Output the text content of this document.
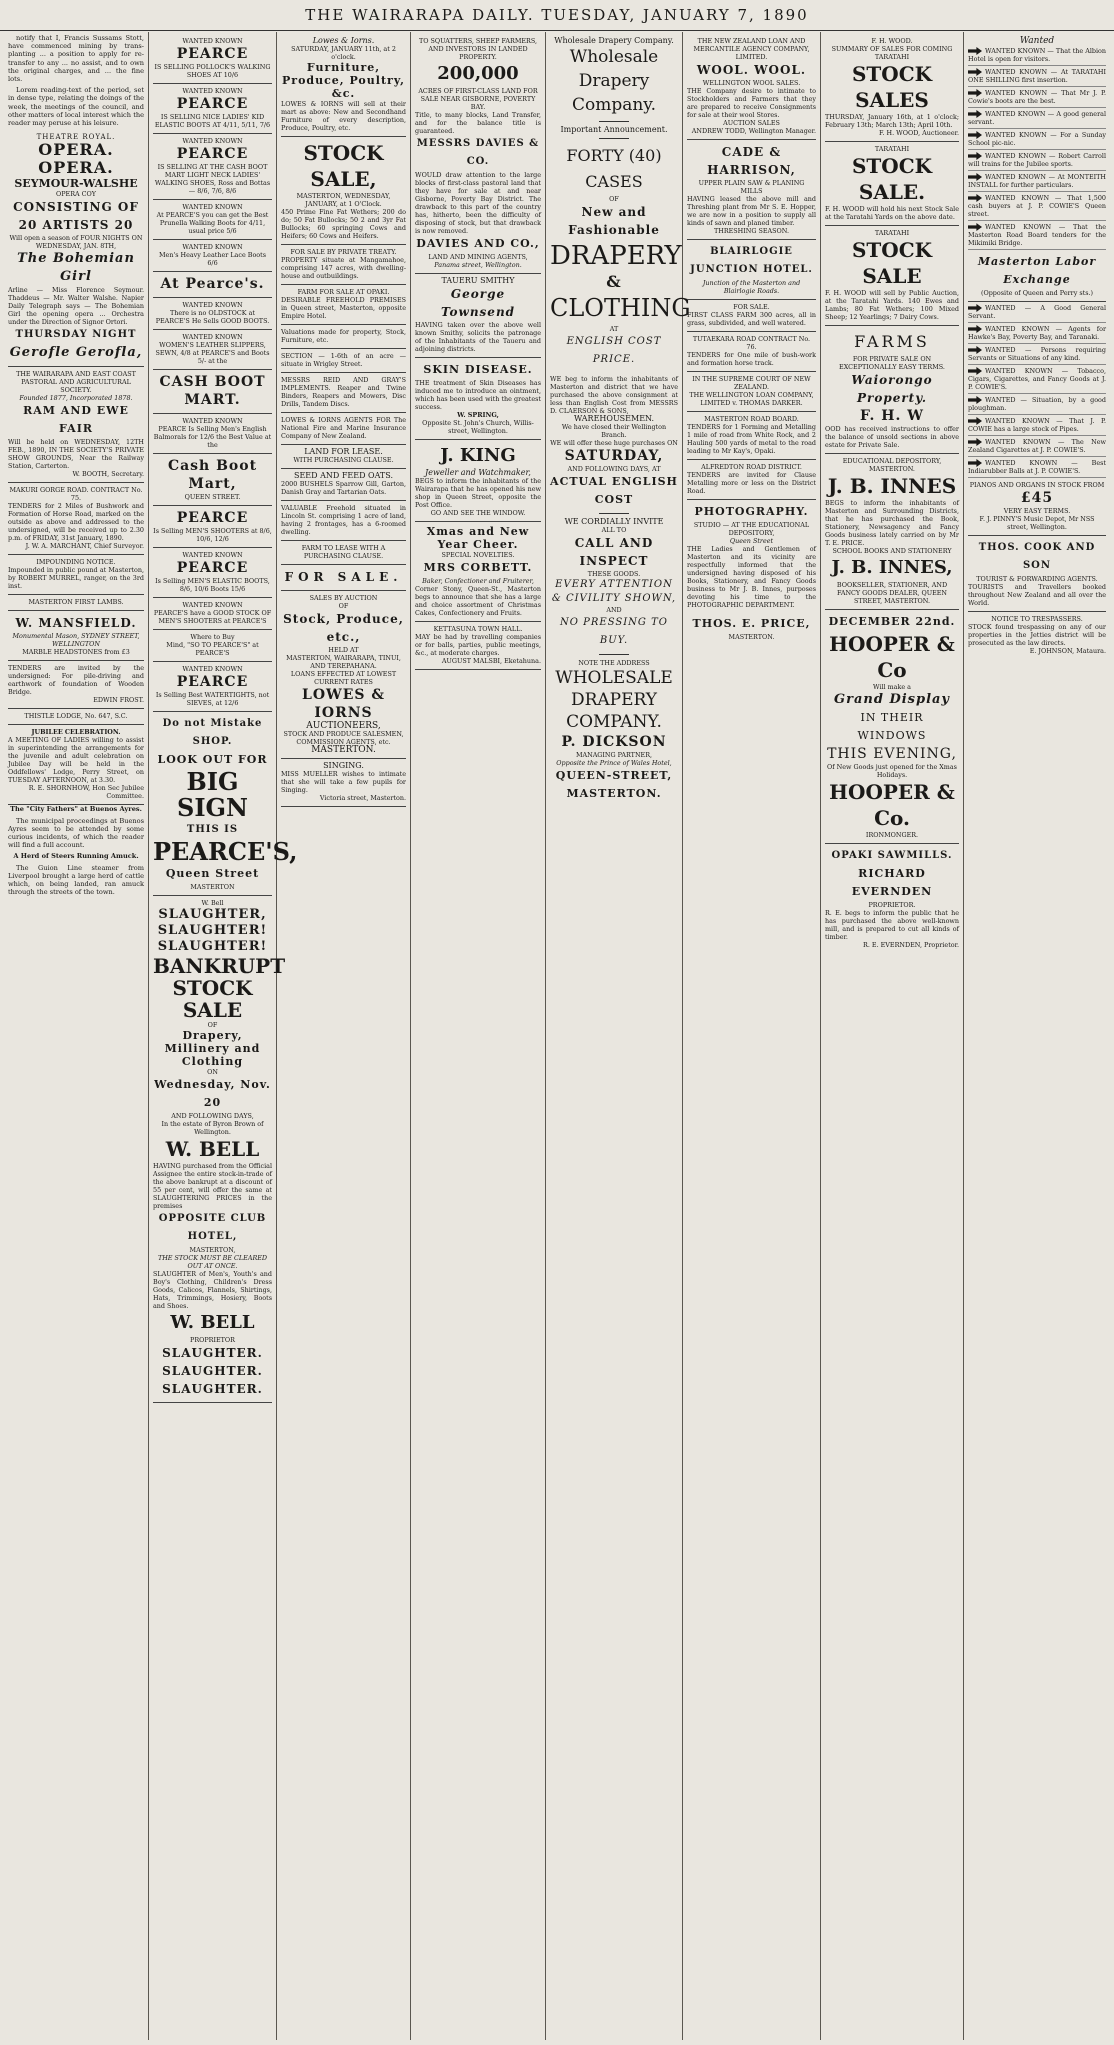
THE WAIRARAPA DAILY. TUESDAY, JANUARY 7, 1890

notify that I, Francis Sussams Stott, have commenced mining by trans-planting ... a position to apply for re-transfer to any ... no assist, and to own the original charges, and ... the fine lots.

Lorem reading-text of the period, set in dense type, relating the doings of the week, the meetings of the council, and other matters of local interest which the reader may peruse at his leisure.

THEATRE ROYAL.
OPERA. OPERA.
SEYMOUR-WALSHE
OPERA COY
CONSISTING OF 20 ARTISTS 20
Will open a season of FOUR NIGHTS ON WEDNESDAY, JAN. 8TH,
The Bohemian Girl
Arline — Miss Florence Seymour. Thaddeus — Mr. Walter Walshe. Napier Daily Telegraph says — The Bohemian Girl the opening opera ... Orchestra under the Direction of Signor Ortori.
THURSDAY NIGHT
Gerofle Gerofla,
THE WAIRARAPA AND EAST COAST PASTORAL AND AGRICULTURAL SOCIETY.
Founded 1877, Incorporated 1878.
RAM AND EWE FAIR
Will be held on WEDNESDAY, 12TH FEB., 1890, IN THE SOCIETY'S PRIVATE SHOW GROUNDS, Near the Railway Station, Carterton.
W. BOOTH, Secretary.
MAKURI GORGE ROAD. CONTRACT No. 75.
TENDERS for 2 Miles of Bushwork and Formation of Horse Road, marked on the outside as above and addressed to the undersigned, will be received up to 2.30 p.m. of FRIDAY, 31st January, 1890.
J. W. A. MARCHANT, Chief Surveyor.
IMPOUNDING NOTICE.
Impounded in public pound at Masterton, by ROBERT MURREL, ranger, on the 3rd inst.
MASTERTON FIRST LAMBS.
W. MANSFIELD.
Monumental Mason, SYDNEY STREET, WELLINGTON
MARBLE HEADSTONES from £3
TENDERS are invited by the undersigned: For pile-driving and earthwork of foundation of Wooden Bridge.
EDWIN FROST.
THISTLE LODGE, No. 647, S.C.
JUBILEE CELEBRATION.
A MEETING OF LADIES willing to assist in superintending the arrangements for the juvenile and adult celebration on Jubilee Day will be held in the Oddfellows' Lodge, Perry Street, on TUESDAY AFTERNOON, at 3.30.
R. E. SHORNHOW, Hon Sec Jubilee Committee.

The "City Fathers" at Buenos Ayres.

The municipal proceedings at Buenos Ayres seem to be attended by some curious incidents, of which the reader will find a full account.

A Herd of Steers Running Amuck.

The Guion Line steamer from Liverpool brought a large herd of cattle which, on being landed, ran amuck through the streets of the town.

WANTED KNOWN
PEARCE
IS SELLING POLLOCK'S WALKING SHOES AT 10/6
WANTED KNOWN
PEARCE
IS SELLING NICE LADIES' KID ELASTIC BOOTS AT 4/11, 5/11, 7/6
WANTED KNOWN
PEARCE
IS SELLING AT THE CASH BOOT MART LIGHT NECK LADIES' WALKING SHOES, Ross and Bottas — 8/6, 7/6, 8/6
WANTED KNOWN
At PEARCE'S you can get the Best Prunella Walking Boots for 4/11, usual price 5/6
WANTED KNOWN
Men's Heavy Leather Lace Boots 6/6
At Pearce's.
WANTED KNOWN
There is no OLDSTOCK at PEARCE'S He Sells GOOD BOOTS.
WANTED KNOWN
WOMEN'S LEATHER SLIPPERS, SEWN, 4/8 at PEARCE'S and Boots 5/- at the
CASH BOOT MART.
WANTED KNOWN
PEARCE Is Selling Men's English Balmorals for 12/6 the Best Value at the
Cash Boot Mart,
QUEEN STREET.
PEARCE
Is Selling MEN'S SHOOTERS at 8/6, 10/6, 12/6
WANTED KNOWN
PEARCE
Is Selling MEN'S ELASTIC BOOTS, 8/6, 10/6 Boots 15/6
WANTED KNOWN
PEARCE'S have a GOOD STOCK OF MEN'S SHOOTERS at PEARCE'S
Where to Buy
Mind, "SO TO PEARCE'S" at PEARCE'S
WANTED KNOWN
PEARCE
Is Selling Best WATERTIGHTS, not SIEVES, at 12/6
Do not Mistake SHOP.
LOOK OUT FOR
BIG SIGN
THIS IS
PEARCE'S,
Queen Street
MASTERTON
W. Bell
SLAUGHTER, SLAUGHTER! SLAUGHTER!
BANKRUPT STOCK SALE
OF
Drapery, Millinery and Clothing
ON
Wednesday, Nov. 20
AND FOLLOWING DAYS,
In the estate of Byron Brown of Wellington.
W. BELL
HAVING purchased from the Official Assignee the entire stock-in-trade of the above bankrupt at a discount of 55 per cent, will offer the same at SLAUGHTERING PRICES in the premises
OPPOSITE CLUB HOTEL,
MASTERTON,
THE STOCK MUST BE CLEARED OUT AT ONCE.
SLAUGHTER of Men's, Youth's and Boy's Clothing, Children's Dress Goods, Calicos, Flannels, Shirtings, Hats, Trimmings, Hosiery, Boots and Shoes.
W. BELL
PROPRIETOR
SLAUGHTER.
SLAUGHTER.
SLAUGHTER.
Lowes & Iorns.
SATURDAY, JANUARY 11th, at 2 o'clock.
Furniture, Produce, Poultry, &c.
LOWES & IORNS will sell at their mart as above: New and Secondhand Furniture of every description, Produce, Poultry, etc.
STOCK SALE,
MASTERTON, WEDNESDAY, JANUARY, at 1 O'Clock.
450 Prime Fine Fat Wethers; 200 do do; 50 Fat Bullocks; 50 2 and 3yr Fat Bullocks; 60 springing Cows and Heifers; 60 Cows and Heifers.
FOR SALE BY PRIVATE TREATY.
PROPERTY situate at Mangamahoe, comprising 147 acres, with dwelling-house and outbuildings.
FARM FOR SALE AT OPAKI.
DESIRABLE FREEHOLD PREMISES in Queen street, Masterton, opposite Empire Hotel.
Valuations made for property, Stock, Furniture, etc.
SECTION — 1-6th of an acre — situate in Wrigley Street.
MESSRS REID AND GRAY'S IMPLEMENTS. Reaper and Twine Binders, Reapers and Mowers, Disc Drills, Tandem Discs.
LOWES & IORNS AGENTS FOR The National Fire and Marine Insurance Company of New Zealand.
LAND FOR LEASE.
WITH PURCHASING CLAUSE.
SEED AND FEED OATS.
2000 BUSHELS Sparrow Gill, Garton, Danish Gray and Tartarian Oats.
VALUABLE Freehold situated in Lincoln St. comprising 1 acre of land, having 2 frontages, has a 6-roomed dwelling.
FARM TO LEASE WITH A PURCHASING CLAUSE.
FOR SALE.
SALES BY AUCTION
OF
Stock, Produce, etc.,
HELD AT
MASTERTON, WAIRARAPA, TINUI, AND TEREPAHANA.
LOANS EFFECTED AT LOWEST CURRENT RATES
LOWES & IORNS
AUCTIONEERS,
STOCK AND PRODUCE SALESMEN,
COMMISSION AGENTS, etc.
MASTERTON.
SINGING.
MISS MUELLER wishes to intimate that she will take a few pupils for Singing.
Victoria street, Masterton.
TO SQUATTERS, SHEEP FARMERS, AND INVESTORS IN LANDED PROPERTY.
200,000
ACRES OF FIRST-CLASS LAND FOR SALE NEAR GISBORNE, POVERTY BAY.
Title, to many blocks, Land Transfer, and for the balance title is guaranteed.
MESSRS DAVIES & CO.
WOULD draw attention to the large blocks of first-class pastoral land that they have for sale at and near Gisborne, Poverty Bay District. The drawback to this part of the country has, hitherto, been the difficulty of disposing of stock, but that drawback is now removed.
DAVIES AND CO.,
LAND AND MINING AGENTS,
Panama street, Wellington.
TAUERU SMITHY
George Townsend
HAVING taken over the above well known Smithy, solicits the patronage of the Inhabitants of the Taueru and adjoining districts.
SKIN DISEASE.
THE treatment of Skin Diseases has induced me to introduce an ointment, which has been used with the greatest success.
W. SPRING,
Opposite St. John's Church, Willis-street, Wellington.
J. KING
Jeweller and Watchmaker,
BEGS to inform the inhabitants of the Wairarapa that he has opened his new shop in Queen Street, opposite the Post Office.
GO AND SEE THE WINDOW.
Xmas and New Year Cheer.
SPECIAL NOVELTIES.
MRS CORBETT.
Baker, Confectioner and Fruiterer,
Corner Stony, Queen-St., Masterton begs to announce that she has a large and choice assortment of Christmas Cakes, Confectionery and Fruits.
KETTASUNA TOWN HALL.
MAY be had by travelling companies or for balls, parties, public meetings, &c., at moderate charges.
AUGUST MALSBI, Eketahuna.
Wholesale Drapery Company.
Wholesale Drapery Company.
Important Announcement.
FORTY (40) CASES
OF
New and Fashionable
DRAPERY
&
CLOTHING
AT
ENGLISH COST PRICE.
WE beg to inform the inhabitants of Masterton and district that we have purchased the above consignment at less than English Cost from MESSRS D. CLAERSON & SONS,
WAREHOUSEMEN.
We have closed their Wellington Branch.
WE will offer these huge purchases ON
SATURDAY,
AND FOLLOWING DAYS, AT
ACTUAL ENGLISH COST
WE CORDIALLY INVITE
ALL TO
CALL AND INSPECT
THESE GOODS.
EVERY ATTENTION & CIVILITY SHOWN,
AND
NO PRESSING TO BUY.
NOTE THE ADDRESS
WHOLESALE DRAPERY COMPANY.
P. DICKSON
MANAGING PARTNER,
Opposite the Prince of Wales Hotel,
QUEEN-STREET,
MASTERTON.
THE NEW ZEALAND LOAN AND MERCANTILE AGENCY COMPANY, LIMITED.
WOOL. WOOL.
WELLINGTON WOOL SALES.
THE Company desire to intimate to Stockholders and Farmers that they are prepared to receive Consignments for sale at their wool Stores.
AUCTION SALES
ANDREW TODD, Wellington Manager.
CADE & HARRISON,
UPPER PLAIN SAW & PLANING MILLS
HAVING leased the above mill and Threshing plant from Mr S. E. Hopper, we are now in a position to supply all kinds of sawn and planed timber.
THRESHING SEASON.
BLAIRLOGIE JUNCTION HOTEL.
Junction of the Masterton and Blairlogie Roads.
FOR SALE.
FIRST CLASS FARM 300 acres, all in grass, subdivided, and well watered.
TUTAEKARA ROAD CONTRACT No. 76.
TENDERS for One mile of bush-work and formation horse track.
IN THE SUPREME COURT OF NEW ZEALAND.
THE WELLINGTON LOAN COMPANY, LIMITED v. THOMAS DARKER.
MASTERTON ROAD BOARD.
TENDERS for 1 Forming and Metalling 1 mile of road from White Rock, and 2 Hauling 500 yards of metal to the road leading to Mr Kay's, Opaki.
ALFREDTON ROAD DISTRICT.
TENDERS are invited for Clause Metalling more or less on the District Road.
PHOTOGRAPHY.
STUDIO — AT THE EDUCATIONAL DEPOSITORY,
Queen Street
THE Ladies and Gentlemen of Masterton and its vicinity are respectfully informed that the undersigned having disposed of his Books, Stationery, and Fancy Goods business to Mr J. B. Innes, purposes devoting his time to the PHOTOGRAPHIC DEPARTMENT.
THOS. E. PRICE,
MASTERTON.
F. H. WOOD.
SUMMARY OF SALES FOR COMING
TARATAHI
STOCK SALES
THURSDAY, January 16th, at 1 o'clock; February 13th; March 13th; April 10th.
F. H. WOOD, Auctioneer.
TARATAHI
STOCK SALE.
F. H. WOOD will hold his next Stock Sale at the Taratahi Yards on the above date.
TARATAHI
STOCK SALE
F. H. WOOD will sell by Public Auction, at the Taratahi Yards. 140 Ewes and Lambs; 80 Fat Wethers; 100 Mixed Sheep; 12 Yearlings; 7 Dairy Cows.
FARMS
FOR PRIVATE SALE ON EXCEPTIONALLY EASY TERMS.
Waiorongo Property.
F. H. W
OOD has received instructions to offer the balance of unsold sections in above estate for Private Sale.
EDUCATIONAL DEPOSITORY, MASTERTON.
J. B. INNES
BEGS to inform the inhabitants of Masterton and Surrounding Districts, that he has purchased the Book, Stationery, Newsagency and Fancy Goods business lately carried on by Mr T. E. PRICE.
SCHOOL BOOKS AND STATIONERY
J. B. INNES,
BOOKSELLER, STATIONER, AND FANCY GOODS DEALER, QUEEN STREET, MASTERTON.
DECEMBER 22nd.
HOOPER & Co
Will make a
Grand Display
IN THEIR WINDOWS
THIS EVENING,
Of New Goods just opened for the Xmas Holidays.
HOOPER & Co.
IRONMONGER.
OPAKI SAWMILLS.
RICHARD EVERNDEN
PROPRIETOR.
R. E. begs to inform the public that he has purchased the above well-known mill, and is prepared to cut all kinds of timber.
R. E. EVERNDEN, Proprietor.
Wanted
WANTED KNOWN — That the Albion Hotel is open for visitors.
WANTED KNOWN — At TARATAHI ONE SHILLING first insertion.
WANTED KNOWN — That Mr J. P. Cowie's boots are the best.
WANTED KNOWN — A good general servant.
WANTED KNOWN — For a Sunday School pic-nic.
WANTED KNOWN — Robert Carroll will trains for the Jubilee sports.
WANTED KNOWN — At MONTEITH INSTALL for further particulars.
WANTED KNOWN — That 1,500 cash buyers at J. P. COWIE'S Queen street.
WANTED KNOWN — That the Masterton Road Board tenders for the Mikimiki Bridge.
Masterton Labor Exchange
(Opposite of Queen and Perry sts.)
WANTED — A Good General Servant.
WANTED KNOWN — Agents for Hawke's Bay, Poverty Bay, and Taranaki.
WANTED — Persons requiring Servants or Situations of any kind.
WANTED KNOWN — Tobacco, Cigars, Cigarettes, and Fancy Goods at J. P. COWIE'S.
WANTED — Situation, by a good ploughman.
WANTED KNOWN — That J. P. COWIE has a large stock of Pipes.
WANTED KNOWN — The New Zealand Cigarettes at J. P. COWIE'S.
WANTED KNOWN — Best Indiarubber Balls at J. P. COWIE'S.
PIANOS AND ORGANS IN STOCK FROM
£45
VERY EASY TERMS.
F. J. PINNY'S Music Depot, Mr NSS street, Wellington.
THOS. COOK AND SON
TOURIST & FORWARDING AGENTS.
TOURISTS and Travellers booked throughout New Zealand and all over the World.
NOTICE TO TRESPASSERS.
STOCK found trespassing on any of our properties in the Jetties district will be prosecuted as the law directs.
E. JOHNSON, Mataura.
